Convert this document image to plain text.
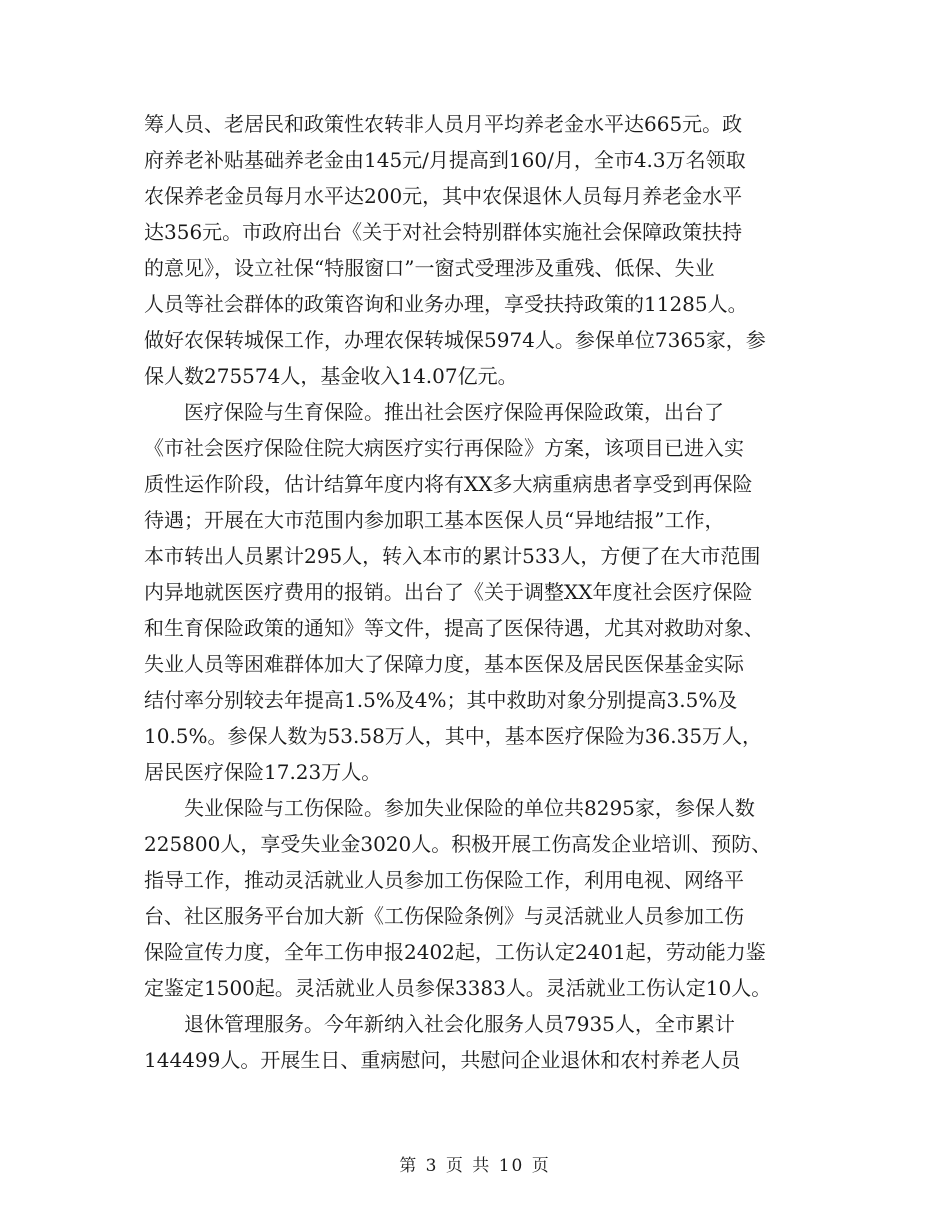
筹人员、老居民和政策性农转非人员月平均养老金水平达665元。政
府养老补贴基础养老金由145元/月提高到160/月，全市4.3万名领取
农保养老金员每月水平达200元，其中农保退休人员每月养老金水平
达356元。市政府出台《关于对社会特别群体实施社会保障政策扶持
的意见》，设立社保“特服窗口”一窗式受理涉及重残、低保、失业
人员等社会群体的政策咨询和业务办理，享受扶持政策的11285人。
做好农保转城保工作，办理农保转城保5974人。参保单位7365家，参
保人数275574人，基金收入14.07亿元。
　　医疗保险与生育保险。推出社会医疗保险再保险政策，出台了
《市社会医疗保险住院大病医疗实行再保险》方案，该项目已进入实
质性运作阶段，估计结算年度内将有XX多大病重病患者享受到再保险
待遇；开展在大市范围内参加职工基本医保人员“异地结报”工作，
本市转出人员累计295人，转入本市的累计533人，方便了在大市范围
内异地就医医疗费用的报销。出台了《关于调整XX年度社会医疗保险
和生育保险政策的通知》等文件，提高了医保待遇，尤其对救助对象、
失业人员等困难群体加大了保障力度，基本医保及居民医保基金实际
结付率分别较去年提高1.5%及4%；其中救助对象分别提高3.5%及
10.5%。参保人数为53.58万人，其中，基本医疗保险为36.35万人，
居民医疗保险17.23万人。
　　失业保险与工伤保险。参加失业保险的单位共8295家，参保人数
225800人，享受失业金3020人。积极开展工伤高发企业培训、预防、
指导工作，推动灵活就业人员参加工伤保险工作，利用电视、网络平
台、社区服务平台加大新《工伤保险条例》与灵活就业人员参加工伤
保险宣传力度，全年工伤申报2402起，工伤认定2401起，劳动能力鉴
定鉴定1500起。灵活就业人员参保3383人。灵活就业工伤认定10人。
　　退休管理服务。今年新纳入社会化服务人员7935人，全市累计
144499人。开展生日、重病慰问，共慰问企业退休和农村养老人员
第 3 页 共 10 页
